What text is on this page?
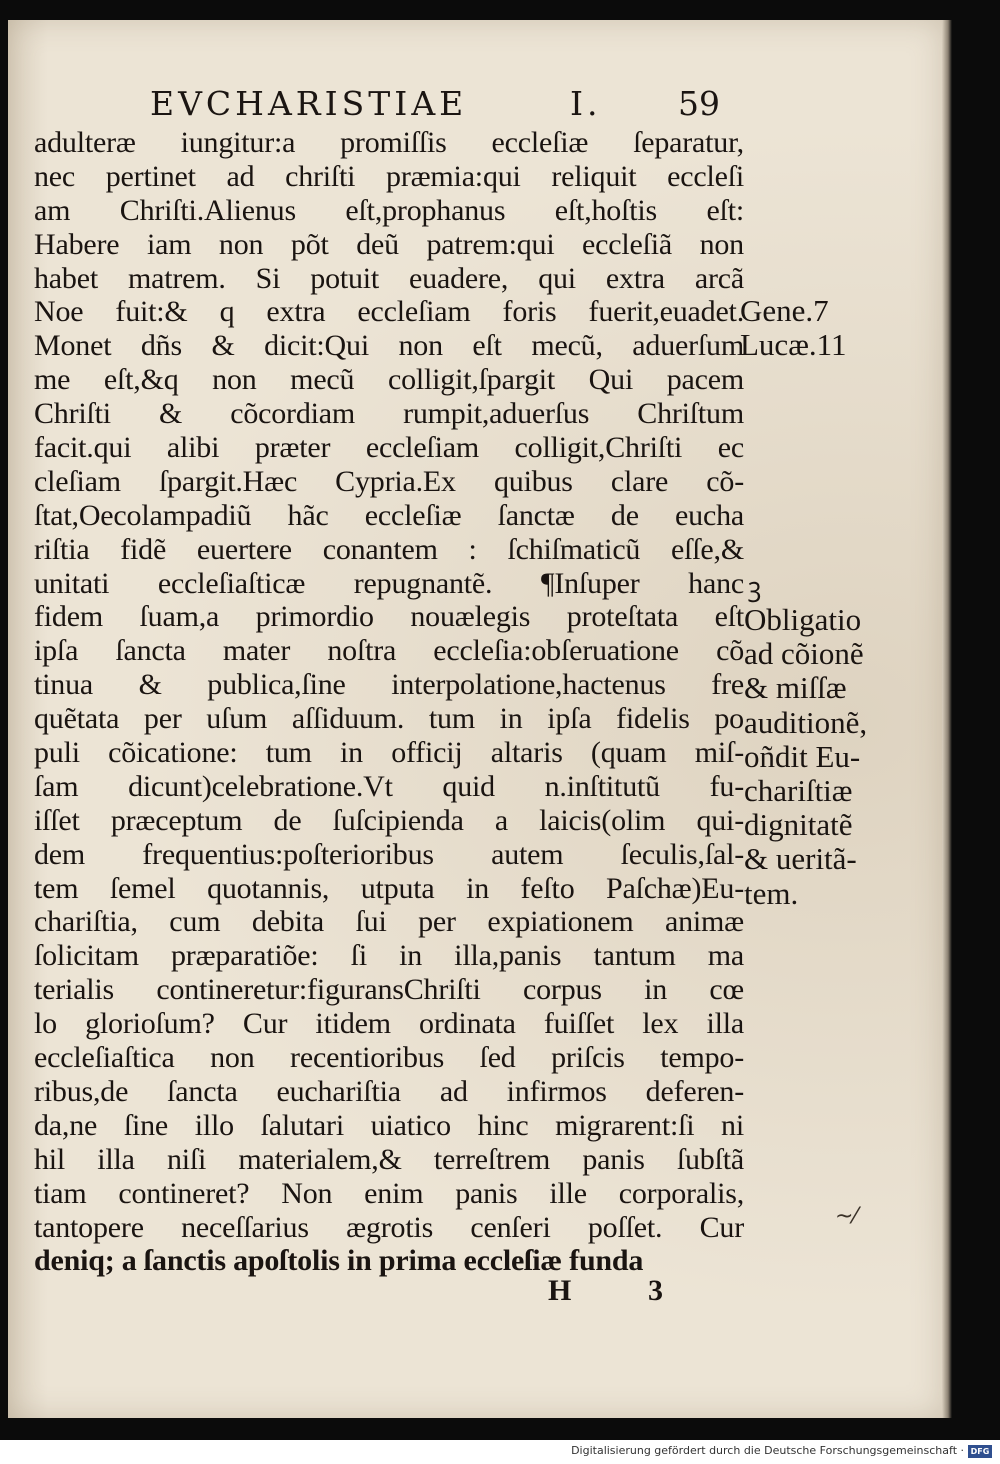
EVCHARISTIAE	I. 59
adulteræ iungitur:a promiſſis eccleſiæ ſeparatur,
nec pertinet ad chriſti præmia:qui reliquit eccleſi
am Chriſti.Alienus eſt,prophanus eſt,hoſtis eſt:
Habere iam non põt deũ patrem:qui eccleſiã non
habet matrem. Si potuit euadere, qui extra arcã
Noe fuit:& q extra eccleſiam foris fuerit,euadet.
Monet dñs & dicit:Qui non eſt mecũ, aduerſum
me eſt,&q non mecũ colligit,ſpargit Qui pacem
Chriſti & cõcordiam rumpit,aduerſus Chriſtum
facit.qui alibi præter eccleſiam colligit,Chriſti ec
cleſiam ſpargit.Hæc Cypria.Ex quibus clare cõ-
ſtat,Oecolampadiũ hãc eccleſiæ ſanctæ de eucha
riſtia fidẽ euertere conantem : ſchiſmaticũ eſſe,&
unitati eccleſiaſticæ repugnantẽ. ¶Inſuper hanc
fidem ſuam,a primordio nouælegis proteſtata eſt
ipſa ſancta mater noſtra eccleſia:obſeruatione cõ
tinua & publica,ſine interpolatione,hactenus fre
quẽtata per uſum aſſiduum. tum in ipſa fidelis po
puli cõicatione: tum in officij altaris (quam miſ-
ſam dicunt)celebratione.Vt quid n.inſtitutũ fu-
iſſet præceptum de ſuſcipienda a laicis(olim qui-
dem frequentius:poſterioribus autem ſeculis,ſal-
tem ſemel quotannis, utputa in feſto Paſchæ)Eu-
chariſtia, cum debita ſui per expiationem animæ
ſolicitam præparatiõe: ſi in illa,panis tantum ma
terialis contineretur:figuransChriſti corpus in cœ
lo glorioſum? Cur itidem ordinata fuiſſet lex illa
eccleſiaſtica non recentioribus ſed priſcis tempo-
ribus,de ſancta euchariſtia ad infirmos deferen-
da,ne ſine illo ſalutari uiatico hinc migrarent:ſi ni
hil illa niſi materialem,& terreſtrem panis ſubſtã
tiam contineret? Non enim panis ille corporalis,
tantopere neceſſarius ægrotis cenſeri poſſet. Cur
deniq; a ſanctis apoſtolis in prima eccleſiæ funda
Gene.7
Lucæ.11
ꝫ
Obligatio
ad cõionẽ
& miſſæ
auditionẽ,
oñdit Eu-
chariſtiæ
dignitatẽ
& ueritã-
tem.
~⁄
H	3
Digitalisierung gefördert durch die Deutsche Forschungsgemeinschaft · DFG
